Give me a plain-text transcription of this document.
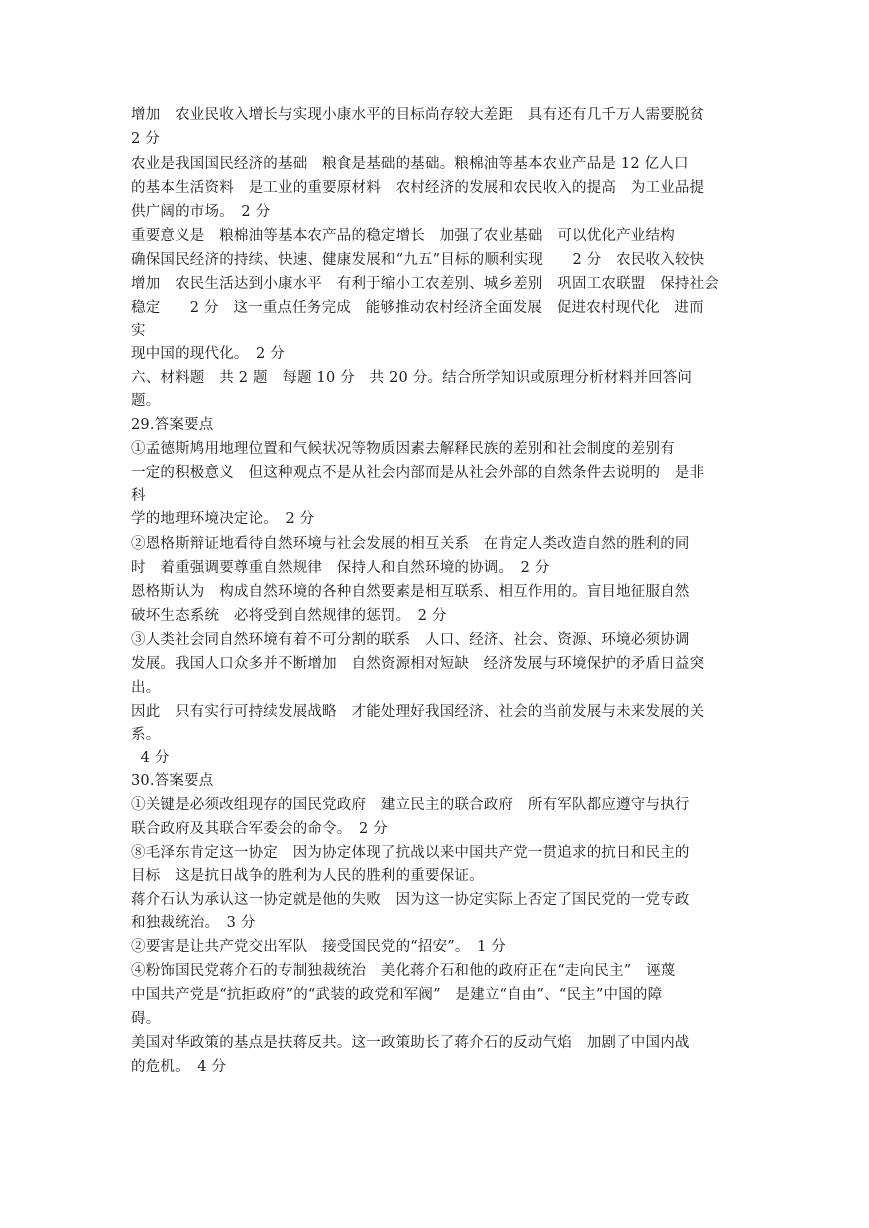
增加　农业民收入增长与实现小康水平的目标尚存较大差距　具有还有几千万人需要脱贫
2 分
农业是我国国民经济的基础　粮食是基础的基础。粮棉油等基本农业产品是 12 亿人口
的基本生活资料　是工业的重要原材料　农村经济的发展和农民收入的提高　为工业品提
供广阔的市场。　2 分
重要意义是　粮棉油等基本农产品的稳定增长　加强了农业基础　可以优化产业结构
确保国民经济的持续、快速、健康发展和“九五”目标的顺利实现　　2 分　农民收入较快
增加　农民生活达到小康水平　有利于缩小工农差别、城乡差别　巩固工农联盟　保持社会
稳定　　2 分　这一重点任务完成　能够推动农村经济全面发展　促进农村现代化　进而
实
现中国的现代化。　2 分
六、材料题　共 2 题　每题 10 分　共 20 分。结合所学知识或原理分析材料并回答问
题。
29.答案要点
①孟德斯鸠用地理位置和气候状况等物质因素去解释民族的差别和社会制度的差别有
一定的积极意义　但这种观点不是从社会内部而是从社会外部的自然条件去说明的　是非
科
学的地理环境决定论。　2 分
②恩格斯辩证地看待自然环境与社会发展的相互关系　在肯定人类改造自然的胜利的同
时　着重强调要尊重自然规律　保持人和自然环境的协调。　2 分
恩格斯认为　构成自然环境的各种自然要素是相互联系、相互作用的。盲目地征服自然
破坏生态系统　必将受到自然规律的惩罚。　2 分
③人类社会同自然环境有着不可分割的联系　人口、经济、社会、资源、环境必须协调
发展。我国人口众多并不断增加　自然资源相对短缺　经济发展与环境保护的矛盾日益突
出。
因此　只有实行可持续发展战略　才能处理好我国经济、社会的当前发展与未来发展的关
系。
4 分
30.答案要点
①关键是必须改组现存的国民党政府　建立民主的联合政府　所有军队都应遵守与执行
联合政府及其联合军委会的命令。　2 分
⑧毛泽东肯定这一协定　因为协定体现了抗战以来中国共产党一贯追求的抗日和民主的
目标　这是抗日战争的胜利为人民的胜利的重要保证。
蒋介石认为承认这一协定就是他的失败　因为这一协定实际上否定了国民党的一党专政
和独裁统治。　3 分
②要害是让共产党交出军队　接受国民党的“招安”。　1 分
④粉饰国民党蒋介石的专制独裁统治　美化蒋介石和他的政府正在“走向民主”　诬蔑
中国共产党是“抗拒政府”的“武装的政党和军阀”　是建立“自由”、“民主”中国的障
碍。
美国对华政策的基点是扶蒋反共。这一政策助长了蒋介石的反动气焰　加剧了中国内战
的危机。　4 分
